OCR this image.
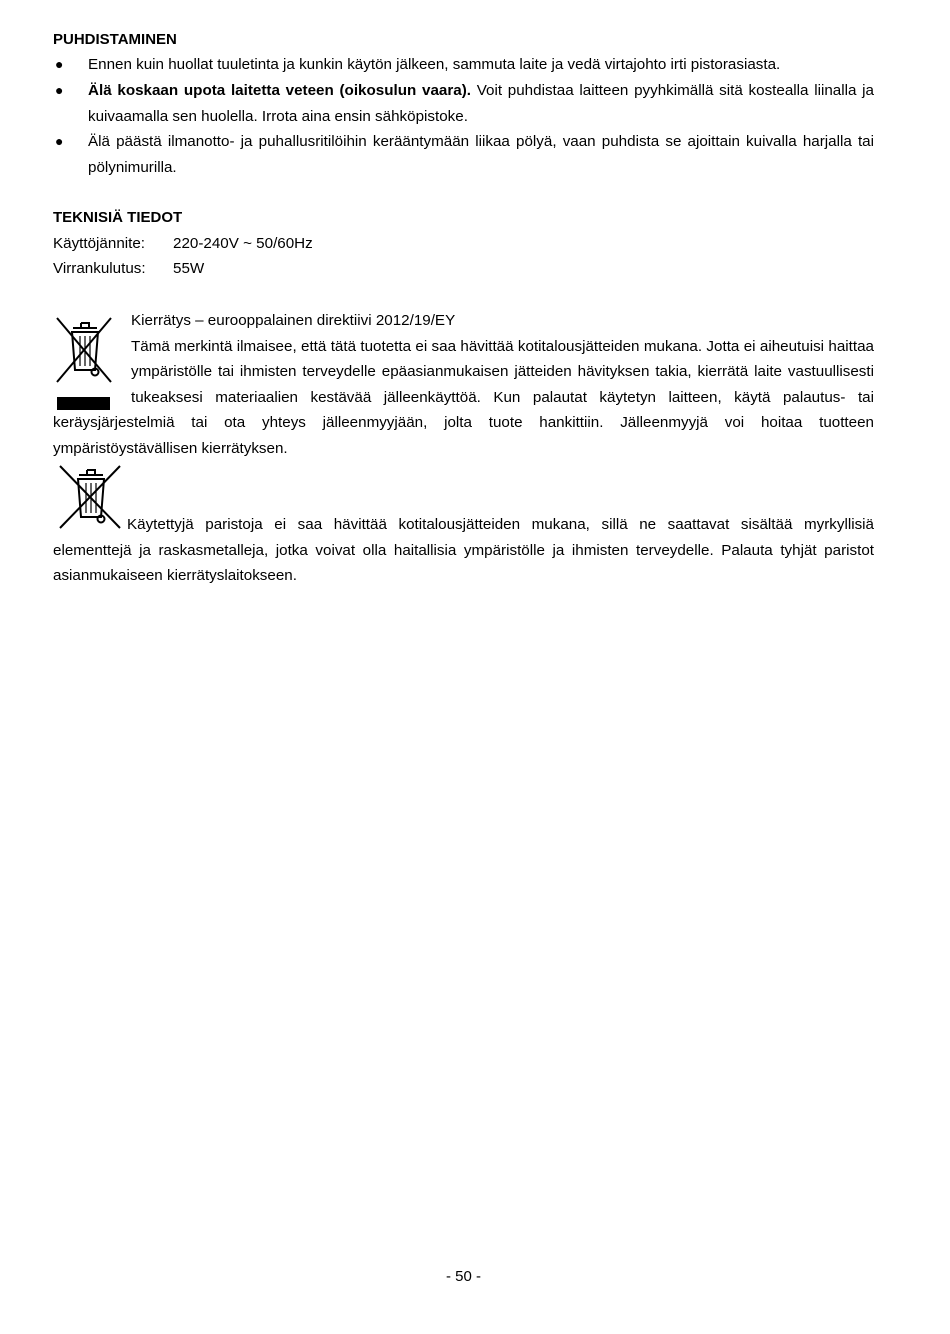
PUHDISTAMINEN
● Ennen kuin huollat tuuletinta ja kunkin käytön jälkeen, sammuta laite ja vedä virtajohto irti pistorasiasta.
● Älä koskaan upota laitetta veteen (oikosulun vaara). Voit puhdistaa laitteen pyyhkimällä sitä kostealla liinalla ja kuivaamalla sen huolella. Irrota aina ensin sähköpistoke.
● Älä päästä ilmanotto- ja puhallusritilöihin kerääntymään liikaa pölyä, vaan puhdista se ajoittain kuivalla harjalla tai pölynimurilla.
TEKNISIÄ TIEDOT
Käyttöjännite: 220-240V ~ 50/60Hz
Virrankulutus: 55W
Kierrätys – eurooppalainen direktiivi 2012/19/EY
Tämä merkintä ilmaisee, että tätä tuotetta ei saa hävittää kotitalousjätteiden mukana. Jotta ei aiheutuisi haittaa ympäristölle tai ihmisten terveydelle epäasianmukaisen jätteiden hävityksen takia, kierrätä laite vastuullisesti tukeaksesi materiaalien kestävää jälleenkäyttöä. Kun palautat käytetyn laitteen, käytä palautus- tai keräysjärjestelmiä tai ota yhteys jälleenmyyjään, jolta tuote hankittiin. Jälleenmyyjä voi hoitaa tuotteen ympäristöystävällisen kierrätyksen.
Käytettyjä paristoja ei saa hävittää kotitalousjätteiden mukana, sillä ne saattavat sisältää myrkyllisiä elementtejä ja raskasmetalleja, jotka voivat olla haitallisia ympäristölle ja ihmisten terveydelle. Palauta tyhjät paristot asianmukaiseen kierrätyslaitokseen.
- 50 -
